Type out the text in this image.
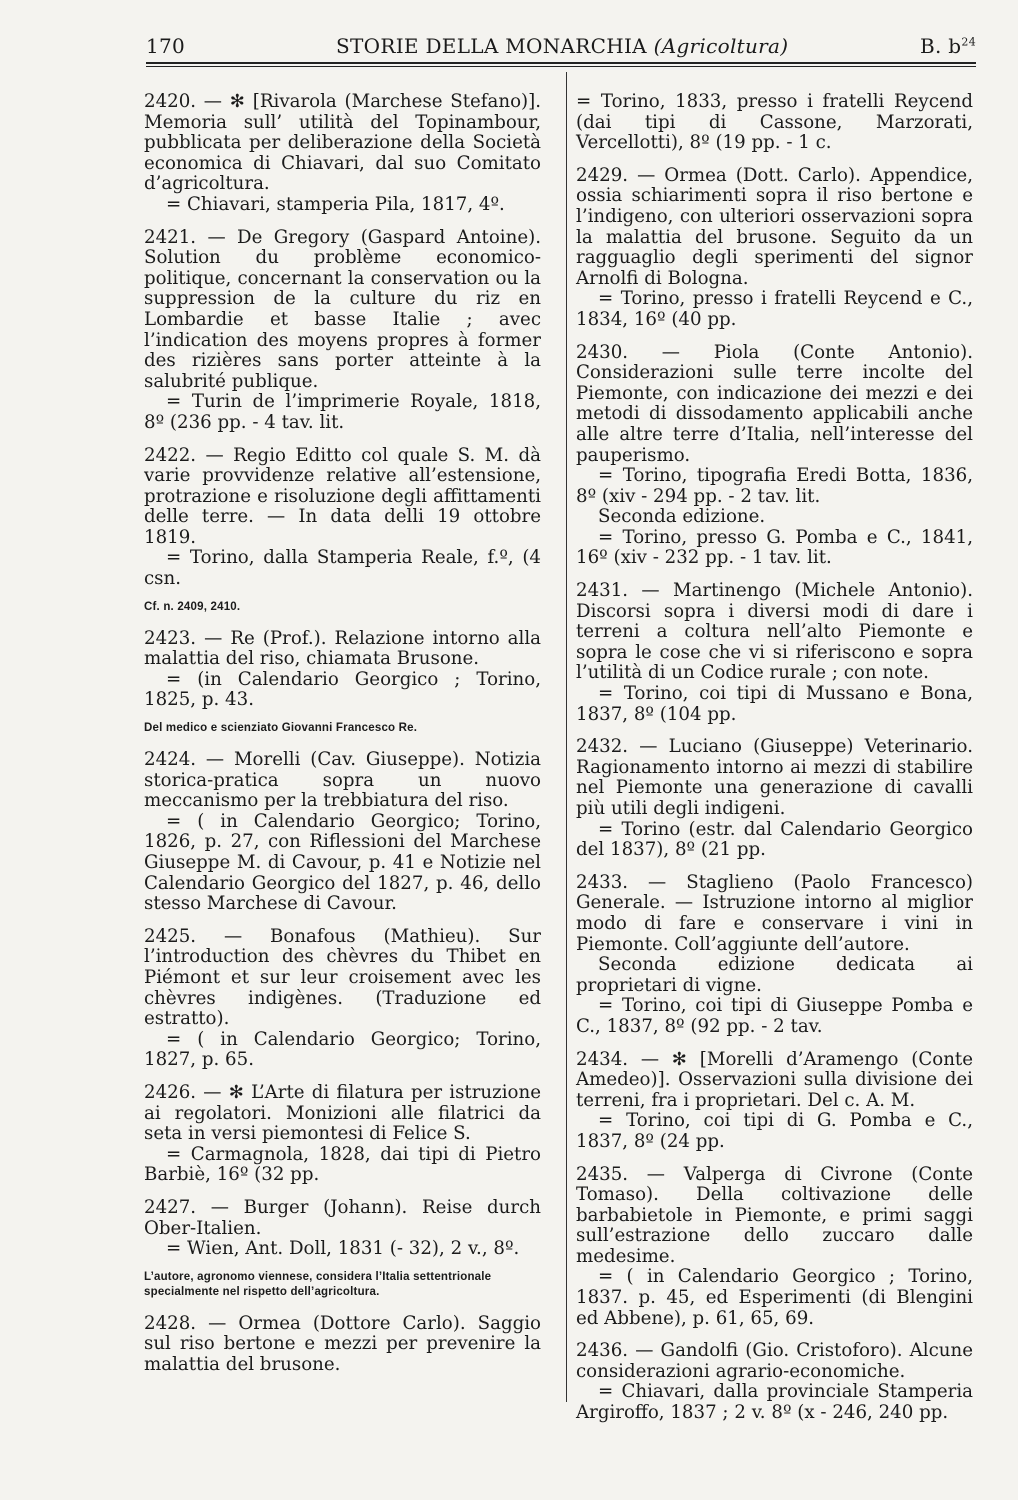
170	STORIE DELLA MONARCHIA (Agricoltura)	B. $b^{24}$

2420. — ✻ [Rivarola (Marchese Stefano)]. Memoria sull’ utilità del Topinambour, pubblicata per deliberazione della Società economica di Chiavari, dal suo Comitato d’agricoltura.

= Chiavari, stamperia Pila, 1817, 4º.

2421. — De Gregory (Gaspard Antoine). Solution du problème economico-politique, concernant la conservation ou la suppression de la culture du riz en Lombardie et basse Italie ; avec l’indication des moyens propres à former des rizières sans porter atteinte à la salubrité publique.

= Turin de l’imprimerie Royale, 1818, 8º (236 pp. - 4 tav. lit.

2422. — Regio Editto col quale S. M. dà varie provvidenze relative all’estensione, protrazione e risoluzione degli affittamenti delle terre. — In data delli 19 ottobre 1819.

= Torino, dalla Stamperia Reale, f.º, (4 csn.

Cf. n. 2409, 2410.

2423. — Re (Prof.). Relazione intorno alla malattia del riso, chiamata Brusone.

= (in Calendario Georgico ; Torino, 1825, p. 43.

Del medico e scienziato Giovanni Francesco Re.

2424. — Morelli (Cav. Giuseppe). Notizia storica-pratica sopra un nuovo meccanismo per la trebbiatura del riso.

= ( in Calendario Georgico; Torino, 1826, p. 27, con Riflessioni del Marchese Giuseppe M. di Cavour, p. 41 e Notizie nel Calendario Georgico del 1827, p. 46, dello stesso Marchese di Cavour.

2425. — Bonafous (Mathieu). Sur l’introduction des chèvres du Thibet en Piémont et sur leur croisement avec les chèvres indigènes. (Traduzione ed estratto).

= ( in Calendario Georgico; Torino, 1827, p. 65.

2426. — ✻ L’Arte di filatura per istruzione ai regolatori. Monizioni alle filatrici da seta in versi piemontesi di Felice S.

= Carmagnola, 1828, dai tipi di Pietro Barbiè, 16º (32 pp.

2427. — Burger (Johann). Reise durch Ober-Italien.

= Wien, Ant. Doll, 1831 (- 32), 2 v., 8º.

L’autore, agronomo viennese, considera l’Italia settentrionale specialmente nel rispetto dell’agricoltura.

2428. — Ormea (Dottore Carlo). Saggio sul riso bertone e mezzi per prevenire la malattia del brusone.

= Torino, 1833, presso i fratelli Reycend (dai tipi di Cassone, Marzorati, Vercellotti), 8º (19 pp. - 1 c.

2429. — Ormea (Dott. Carlo). Appendice, ossia schiarimenti sopra il riso bertone e l’indigeno, con ulteriori osservazioni sopra la malattia del brusone. Seguito da un ragguaglio degli sperimenti del signor Arnolfi di Bologna.

= Torino, presso i fratelli Reycend e C., 1834, 16º (40 pp.

2430. — Piola (Conte Antonio). Considerazioni sulle terre incolte del Piemonte, con indicazione dei mezzi e dei metodi di dissodamento applicabili anche alle altre terre d’Italia, nell’interesse del pauperismo.

= Torino, tipografia Eredi Botta, 1836, 8º (xiv - 294 pp. - 2 tav. lit.

Seconda edizione.

= Torino, presso G. Pomba e C., 1841, 16º (xiv - 232 pp. - 1 tav. lit.

2431. — Martinengo (Michele Antonio). Discorsi sopra i diversi modi di dare i terreni a coltura nell’alto Piemonte e sopra le cose che vi si riferiscono e sopra l’utilità di un Codice rurale ; con note.

= Torino, coi tipi di Mussano e Bona, 1837, 8º (104 pp.

2432. — Luciano (Giuseppe) Veterinario. Ragionamento intorno ai mezzi di stabilire nel Piemonte una generazione di cavalli più utili degli indigeni.

= Torino (estr. dal Calendario Georgico del 1837), 8º (21 pp.

2433. — Staglieno (Paolo Francesco) Generale. — Istruzione intorno al miglior modo di fare e conservare i vini in Piemonte. Coll’aggiunte dell’autore.

Seconda edizione dedicata ai proprietari di vigne.

= Torino, coi tipi di Giuseppe Pomba e C., 1837, 8º (92 pp. - 2 tav.

2434. — ✻ [Morelli d’Aramengo (Conte Amedeo)]. Osservazioni sulla divisione dei terreni, fra i proprietari. Del c. A. M.

= Torino, coi tipi di G. Pomba e C., 1837, 8º (24 pp.

2435. — Valperga di Civrone (Conte Tomaso). Della coltivazione delle barbabietole in Piemonte, e primi saggi sull’estrazione dello zuccaro dalle medesime.

= ( in Calendario Georgico ; Torino, 1837. p. 45, ed Esperimenti (di Blengini ed Abbene), p. 61, 65, 69.

2436. — Gandolfi (Gio. Cristoforo). Alcune considerazioni agrario-economiche.

= Chiavari, dalla provinciale Stamperia Argiroffo, 1837 ; 2 v. 8º (x - 246, 240 pp.
